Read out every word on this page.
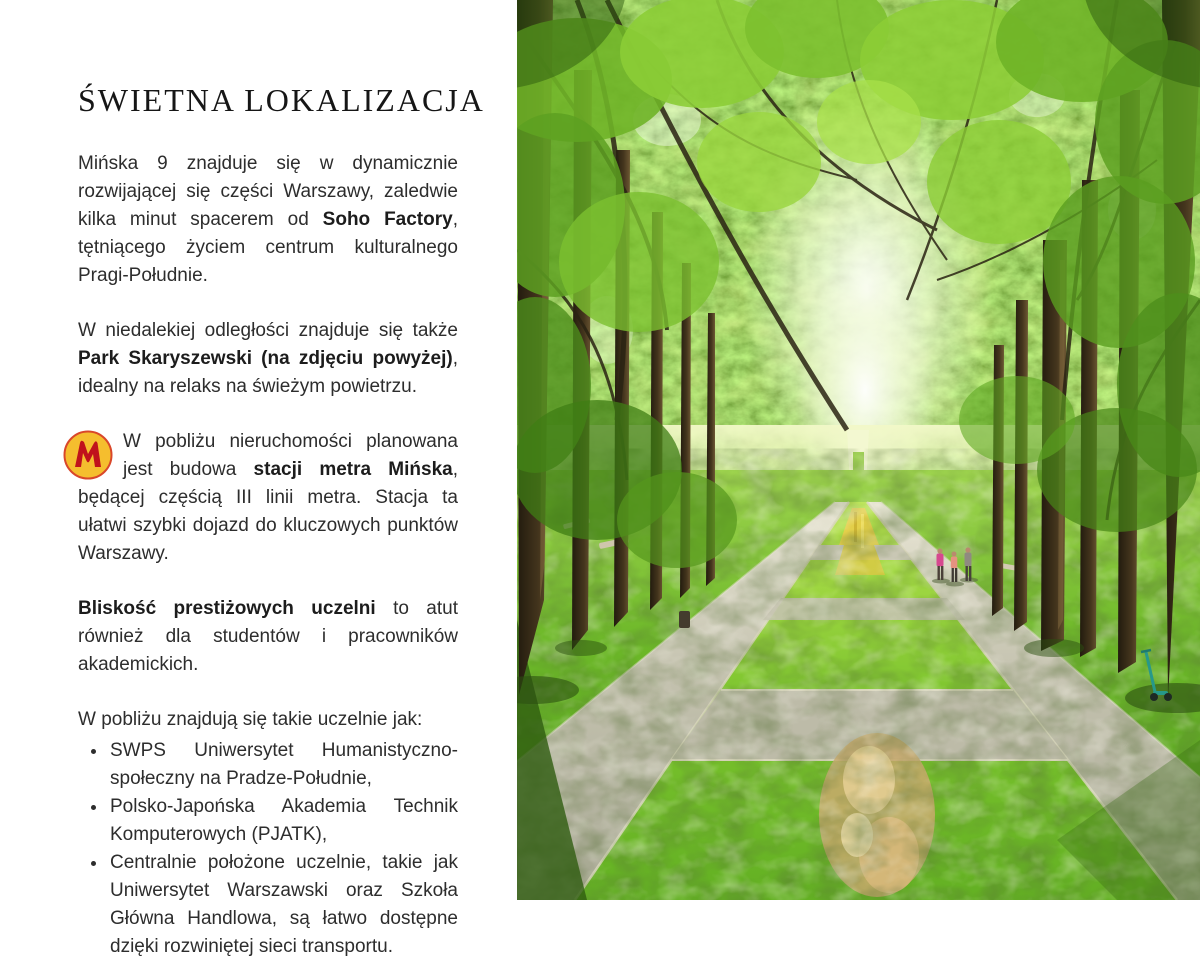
ŚWIETNA LOKALIZACJA

Mińska 9 znajduje się w dynamicznie rozwijającej się części Warszawy, zaledwie kilka minut spacerem od Soho Factory, tętniącego życiem centrum kulturalnego Pragi-Południe.

W niedalekiej odległości znajduje się także Park Skaryszewski (na zdjęciu powyżej), idealny na relaks na świeżym powietrzu.

W pobliżu nieruchomości planowana jest budowa stacji metra Mińska, będącej częścią III linii metra. Stacja ta ułatwi szybki dojazd do kluczowych punktów Warszawy.

Bliskość prestiżowych uczelni to atut również dla studentów i pracowników akademickich.

W pobliżu znajdują się takie uczelnie jak:

• SWPS Uniwersytet Humanistyczno-społeczny na Pradze-Południe,
• Polsko-Japońska Akademia Technik Komputerowych (PJATK),
• Centralnie położone uczelnie, takie jak Uniwersytet Warszawski oraz Szkoła Główna Handlowa, są łatwo dostępne dzięki rozwiniętej sieci transportu.
